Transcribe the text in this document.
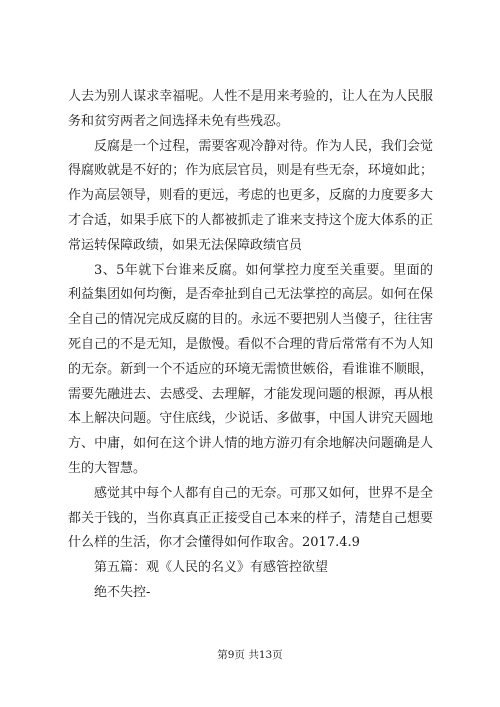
人去为别人谋求幸福呢。人性不是用来考验的，让人在为人民服
务和贫穷两者之间选择未免有些残忍。
反腐是一个过程，需要客观冷静对待。作为人民，我们会觉
得腐败就是不好的；作为底层官员，则是有些无奈，环境如此；
作为高层领导，则看的更远，考虑的也更多，反腐的力度要多大
才合适，如果手底下的人都被抓走了谁来支持这个庞大体系的正
常运转保障政绩，如果无法保障政绩官员
3、5年就下台谁来反腐。如何掌控力度至关重要。里面的
利益集团如何均衡，是否牵扯到自己无法掌控的高层。如何在保
全自己的情况完成反腐的目的。永远不要把别人当傻子，往往害
死自己的不是无知，是傲慢。看似不合理的背后常常有不为人知
的无奈。新到一个不适应的环境无需愤世嫉俗，看谁谁不顺眼，
需要先融进去、去感受、去理解，才能发现问题的根源，再从根
本上解决问题。守住底线，少说话、多做事，中国人讲究天圆地
方、中庸，如何在这个讲人情的地方游刃有余地解决问题确是人
生的大智慧。
感觉其中每个人都有自己的无奈。可那又如何，世界不是全
都关于钱的，当你真真正正接受自己本来的样子，清楚自己想要
什么样的生活，你才会懂得如何作取舍。2017.4.9
第五篇：观《人民的名义》有感管控欲望
绝不失控-
第9页 共13页
